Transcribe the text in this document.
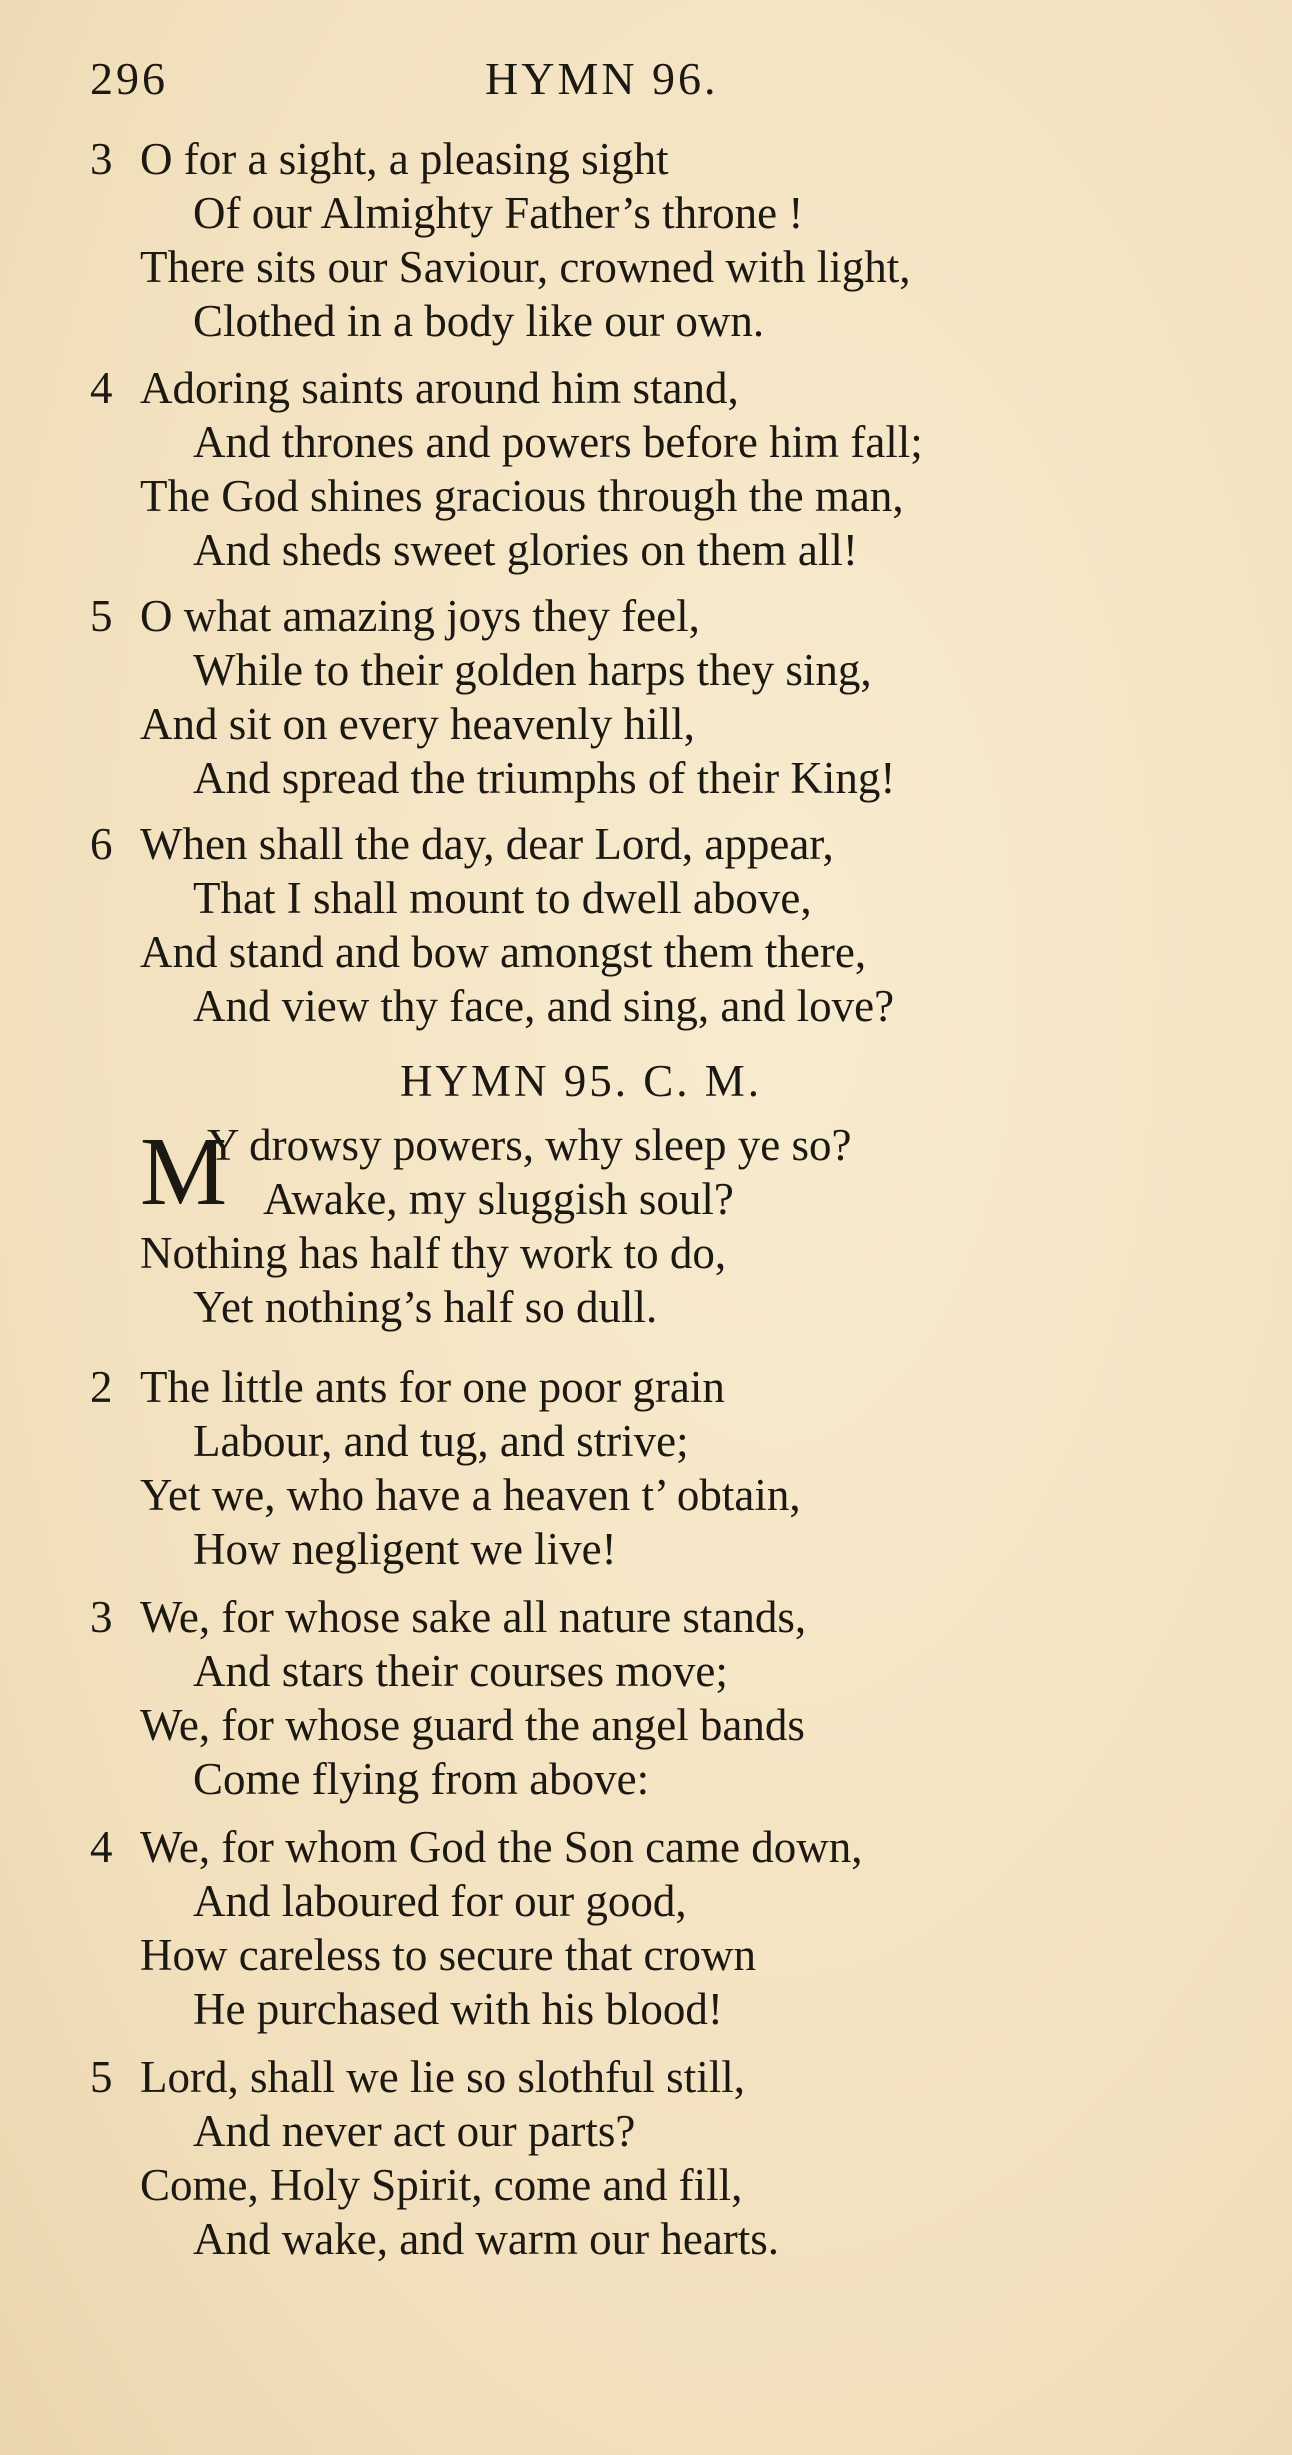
296	HYMN 96.
3 O for a sight, a pleasing sight
Of our Almighty Father’s throne !
There sits our Saviour, crowned with light,
Clothed in a body like our own.
4 Adoring saints around him stand,
And thrones and powers before him fall;
The God shines gracious through the man,
And sheds sweet glories on them all!
5 O what amazing joys they feel,
While to their golden harps they sing,
And sit on every heavenly hill,
And spread the triumphs of their King!
6 When shall the day, dear Lord, appear,
That I shall mount to dwell above,
And stand and bow amongst them there,
And view thy face, and sing, and love?
HYMN 95. C. M.
M
Y drowsy powers, why sleep ye so?
Awake, my sluggish soul?
Nothing has half thy work to do,
Yet nothing’s half so dull.
2 The little ants for one poor grain
Labour, and tug, and strive;
Yet we, who have a heaven t’ obtain,
How negligent we live!
3 We, for whose sake all nature stands,
And stars their courses move;
We, for whose guard the angel bands
Come flying from above:
4 We, for whom God the Son came down,
And laboured for our good,
How careless to secure that crown
He purchased with his blood!
5 Lord, shall we lie so slothful still,
And never act our parts?
Come, Holy Spirit, come and fill,
And wake, and warm our hearts.
